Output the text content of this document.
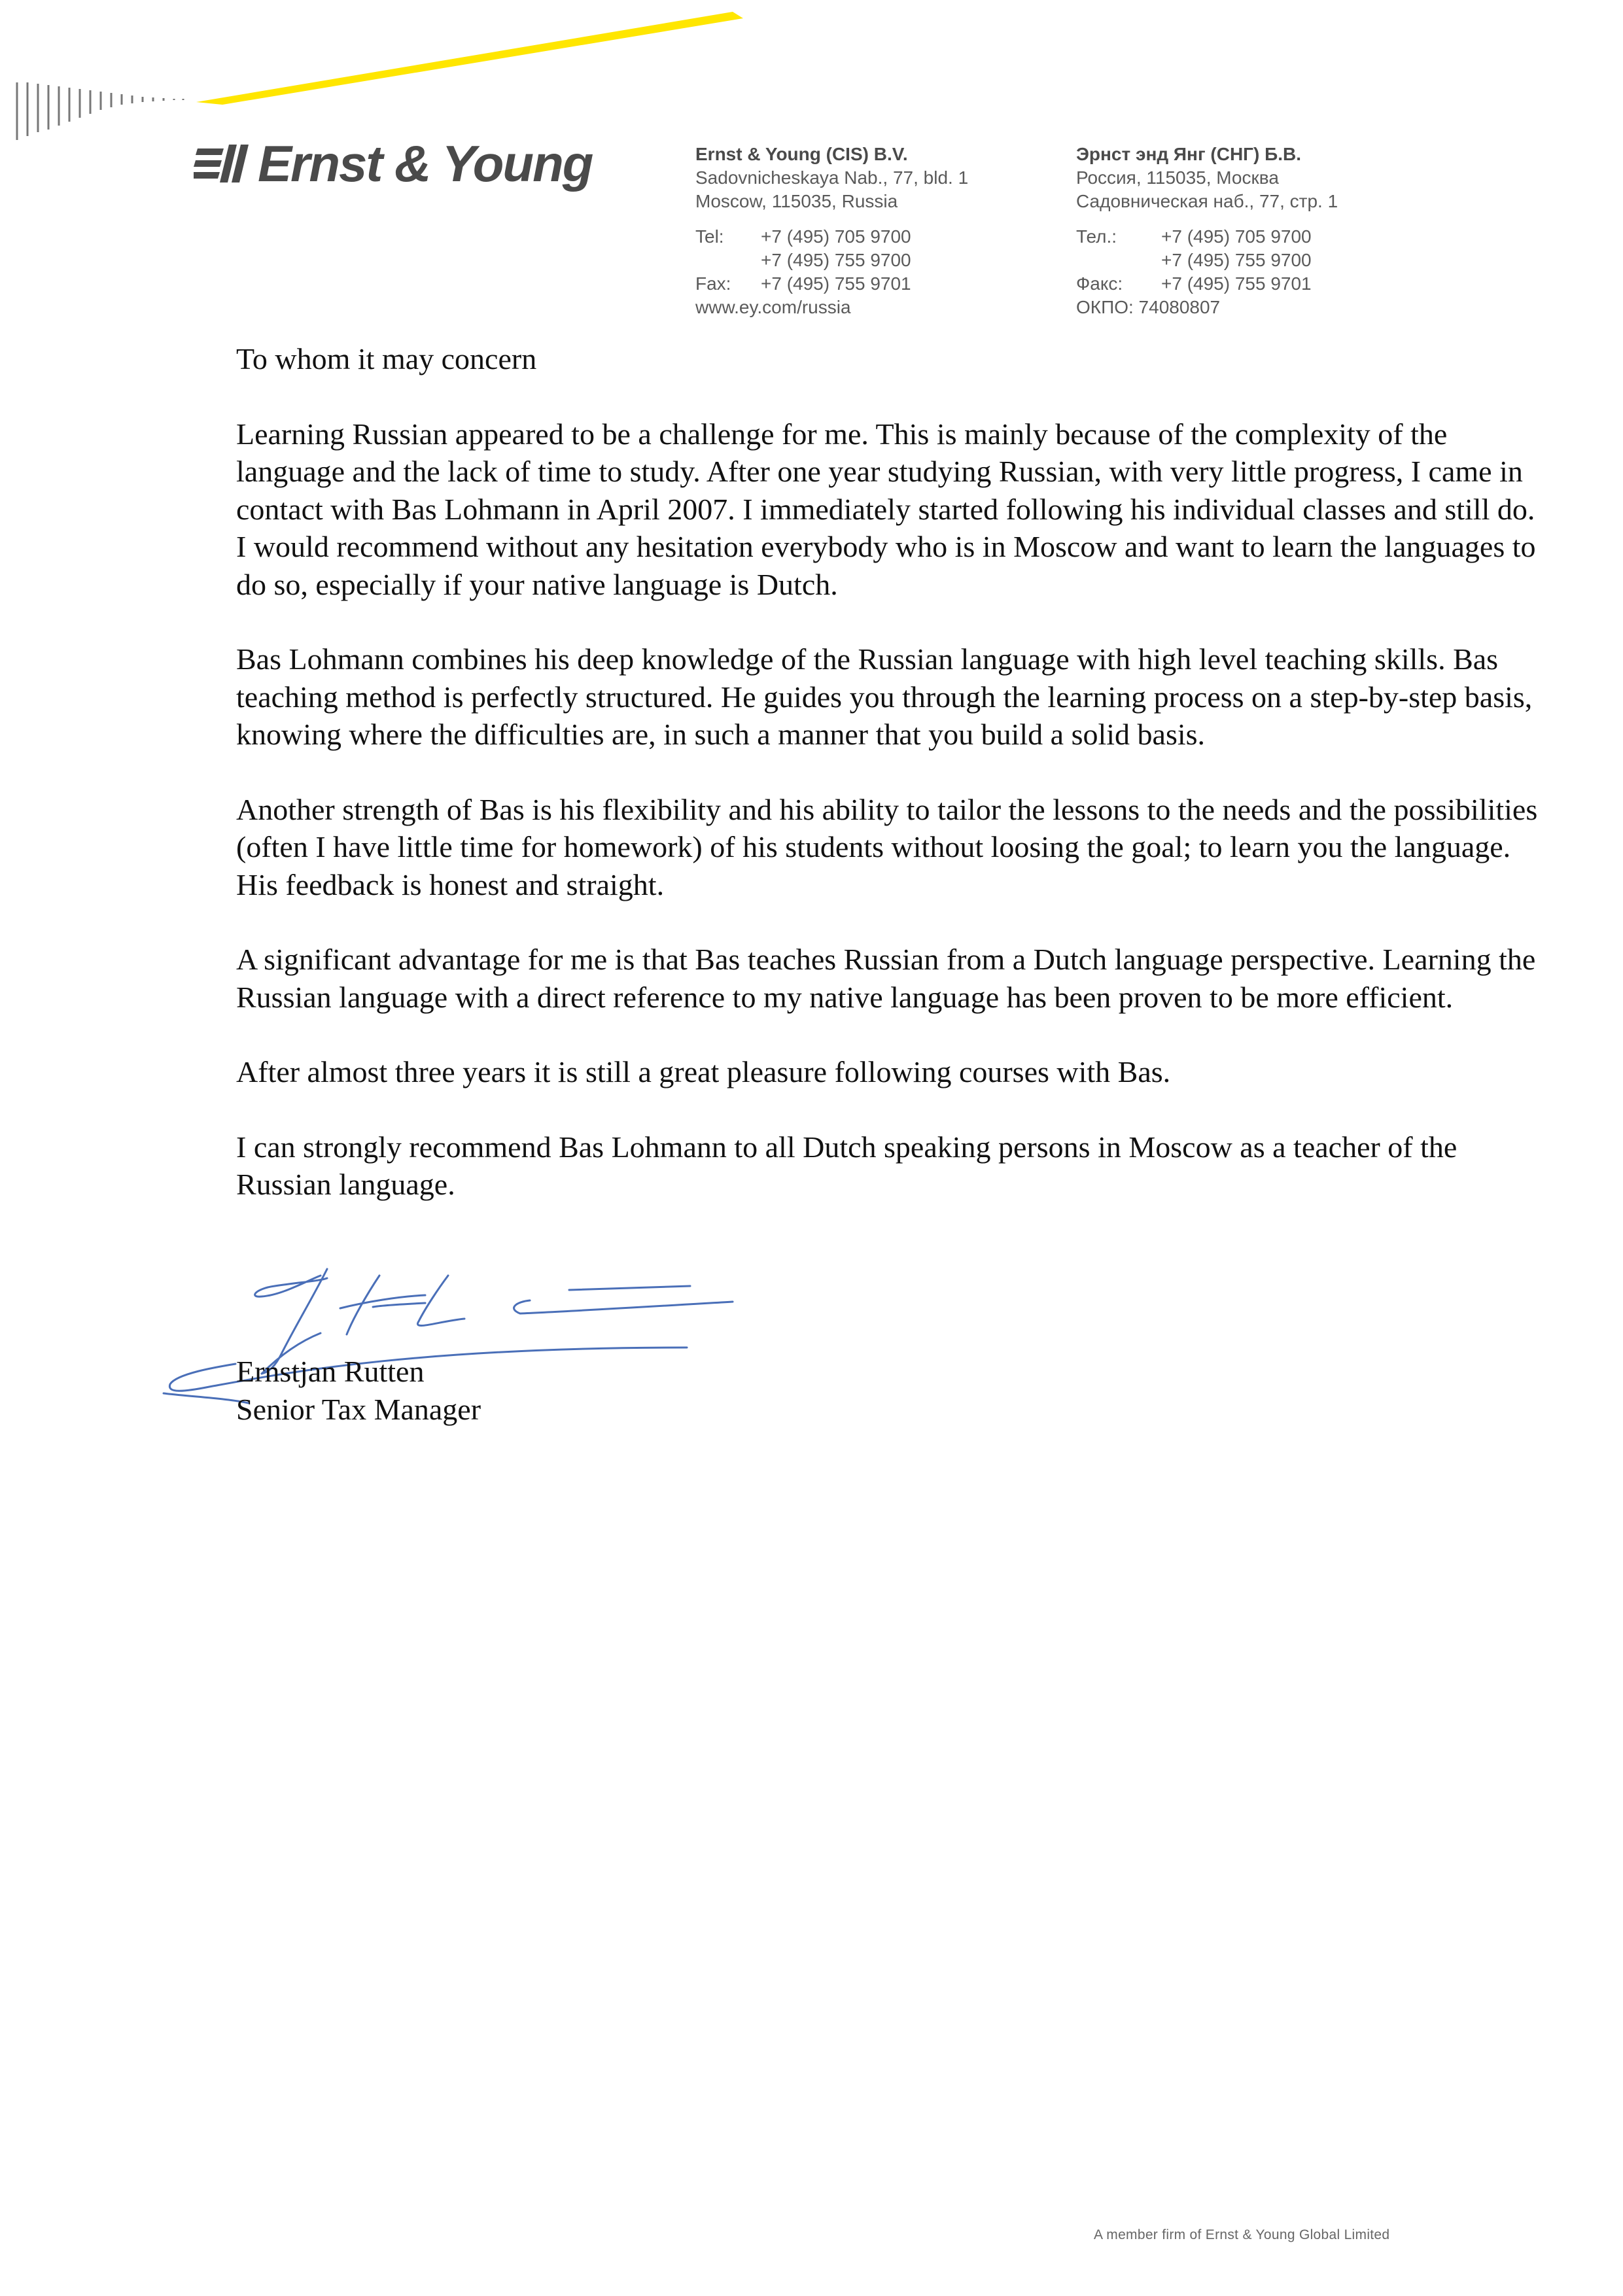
Ernst & Young	Ernst & Young (CIS) B.V.
Sadovnicheskaya Nab., 77, bld. 1
Moscow, 115035, Russia
Tel:	+7 (495) 705 9700
+7 (495) 755 9700
Fax:	+7 (495) 755 9701
www.ey.com/russia
Эрнст энд Янг (СНГ) Б.В.
Россия, 115035, Москва
Садовническая наб., 77, стр. 1
Тел.:	+7 (495) 705 9700
+7 (495) 755 9700
Факс:	+7 (495) 755 9701
ОКПО: 74080807

To whom it may concern

Learning Russian appeared to be a challenge for me. This is mainly because of the complexity of the language and the lack of time to study. After one year studying Russian, with very little progress, I came in contact with Bas Lohmann in April 2007. I immediately started following his individual classes and still do. I would recommend without any hesitation everybody who is in Moscow and want to learn the languages to do so, especially if your native language is Dutch.

Bas Lohmann combines his deep knowledge of the Russian language with high level teaching skills. Bas teaching method is perfectly structured. He guides you through the learning process on a step-by-step basis, knowing where the difficulties are, in such a manner that you build a solid basis.

Another strength of Bas is his flexibility and his ability to tailor the lessons to the needs and the possibilities (often I have little time for homework) of his students without loosing the goal; to learn you the language. His feedback is honest and straight.

A significant advantage for me is that Bas teaches Russian from a Dutch language perspective. Learning the Russian language with a direct reference to my native language has been proven to be more efficient.

After almost three years it is still a great pleasure following courses with Bas.

I can strongly recommend Bas Lohmann to all Dutch speaking persons in Moscow as a teacher of the Russian language.

Ernstjan Rutten
Senior Tax Manager
A member firm of Ernst & Young Global Limited
